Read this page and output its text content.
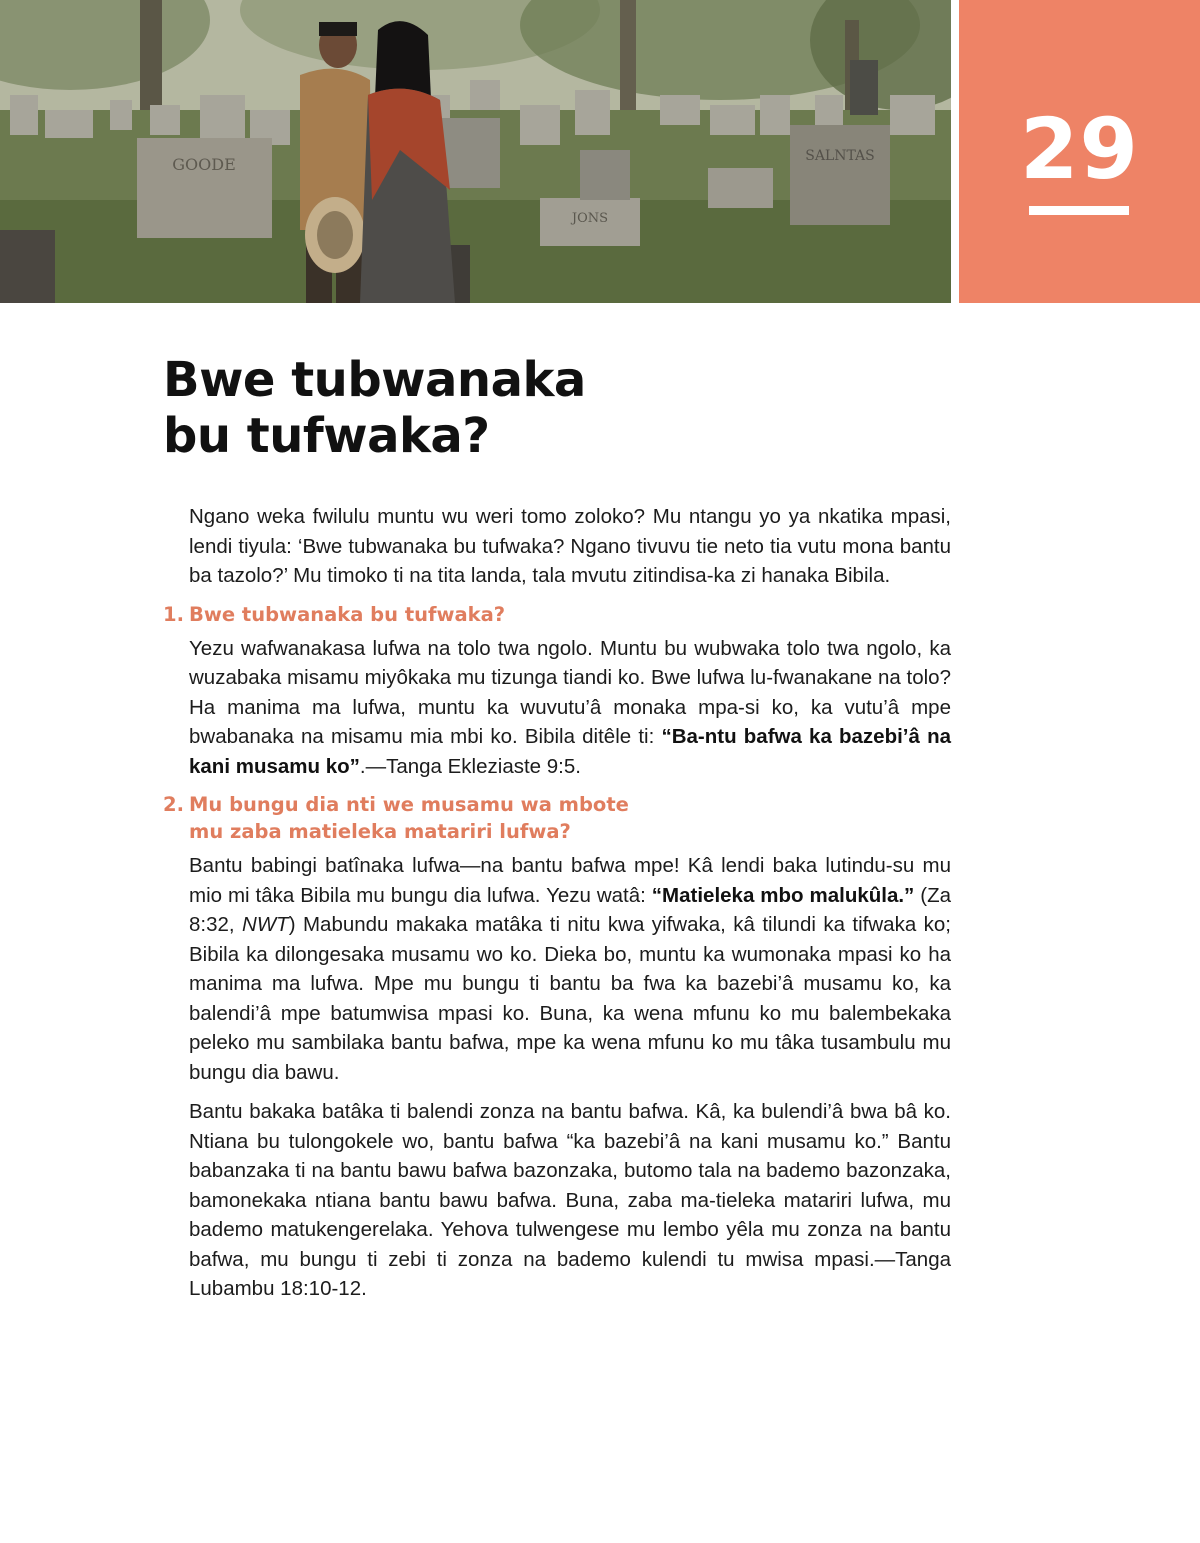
GOODE	SALNTAS
JONS
29
Bwe tubwanaka
bu tufwaka?

Ngano weka fwilulu muntu wu weri tomo zoloko? Mu ntangu yo ya nkatika mpasi, lendi tiyula: ‘Bwe tubwanaka bu tufwaka? Ngano tivuvu tie neto tia vutu mona bantu ba tazolo?’ Mu timoko ti na tita landa, tala mvutu zitindisa-ka zi hanaka Bibila.

1. Bwe tubwanaka bu tufwaka?

Yezu wafwanakasa lufwa na tolo twa ngolo. Muntu bu wubwaka tolo twa ngolo, ka wuzabaka misamu miyôkaka mu tizunga tiandi ko. Bwe lufwa lu-fwanakane na tolo? Ha manima ma lufwa, muntu ka wuvutu’â monaka mpa-si ko, ka vutu’â mpe bwabanaka na misamu mia mbi ko. Bibila ditêle ti: “Ba-ntu bafwa ka bazebi’â na kani musamu ko”.—Tanga Ekleziaste 9:5.

2. Mu bungu dia nti we musamu wa mbote
mu zaba matieleka matariri lufwa?

Bantu babingi batînaka lufwa—na bantu bafwa mpe! Kâ lendi baka lutindu-su mu mio mi tâka Bibila mu bungu dia lufwa. Yezu watâ: “Matieleka mbo malukûla.” (Za 8:32, NWT) Mabundu makaka matâka ti nitu kwa yifwaka, kâ tilundi ka tifwaka ko; Bibila ka dilongesaka musamu wo ko. Dieka bo, muntu ka wumonaka mpasi ko ha manima ma lufwa. Mpe mu bungu ti bantu ba fwa ka bazebi’â musamu ko, ka balendi’â mpe batumwisa mpasi ko. Buna, ka wena mfunu ko mu balembekaka peleko mu sambilaka bantu bafwa, mpe ka wena mfunu ko mu tâka tusambulu mu bungu dia bawu.

Bantu bakaka batâka ti balendi zonza na bantu bafwa. Kâ, ka bulendi’â bwa bâ ko. Ntiana bu tulongokele wo, bantu bafwa “ka bazebi’â na kani musamu ko.” Bantu babanzaka ti na bantu bawu bafwa bazonzaka, butomo tala na bademo bazonzaka, bamonekaka ntiana bantu bawu bafwa. Buna, zaba ma-tieleka matariri lufwa, mu bademo matukengerelaka. Yehova tulwengese mu lembo yêla mu zonza na bantu bafwa, mu bungu ti zebi ti zonza na bademo kulendi tu mwisa mpasi.—Tanga Lubambu 18:10-12.
